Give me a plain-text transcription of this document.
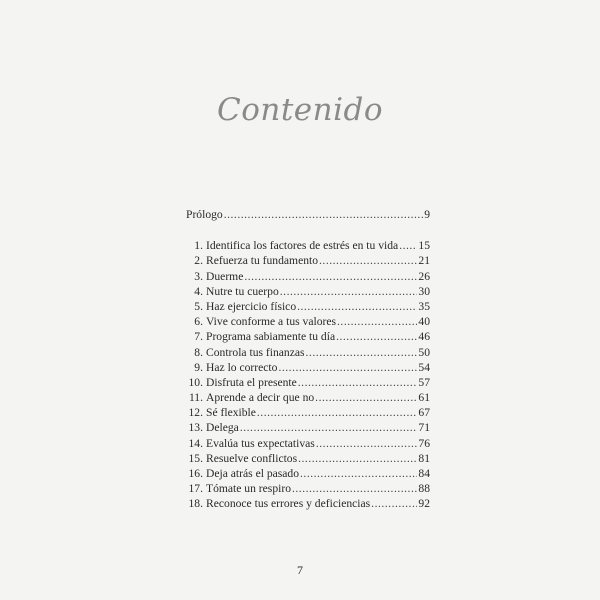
Contenido
Prólogo .....	9
1. Identifica los factores de estrés en tu vida ..... 15
2. Refuerza tu fundamento .....	21
3. Duerme .....	26
4. Nutre tu cuerpo .....	30
5. Haz ejercicio físico .....	35
6. Vive conforme a tus valores .....	40
7. Programa sabiamente tu día .....	46
8. Controla tus finanzas .....	50
9. Haz lo correcto .....	54
10. Disfruta el presente .....	57
11. Aprende a decir que no .....	61
12. Sé flexible .....	67
13. Delega .....	71
14. Evalúa tus expectativas .....	76
15. Resuelve conflictos .....	81
16. Deja atrás el pasado .....	84
17. Tómate un respiro .....	88
18. Reconoce tus errores y deficiencias .....	92
7
